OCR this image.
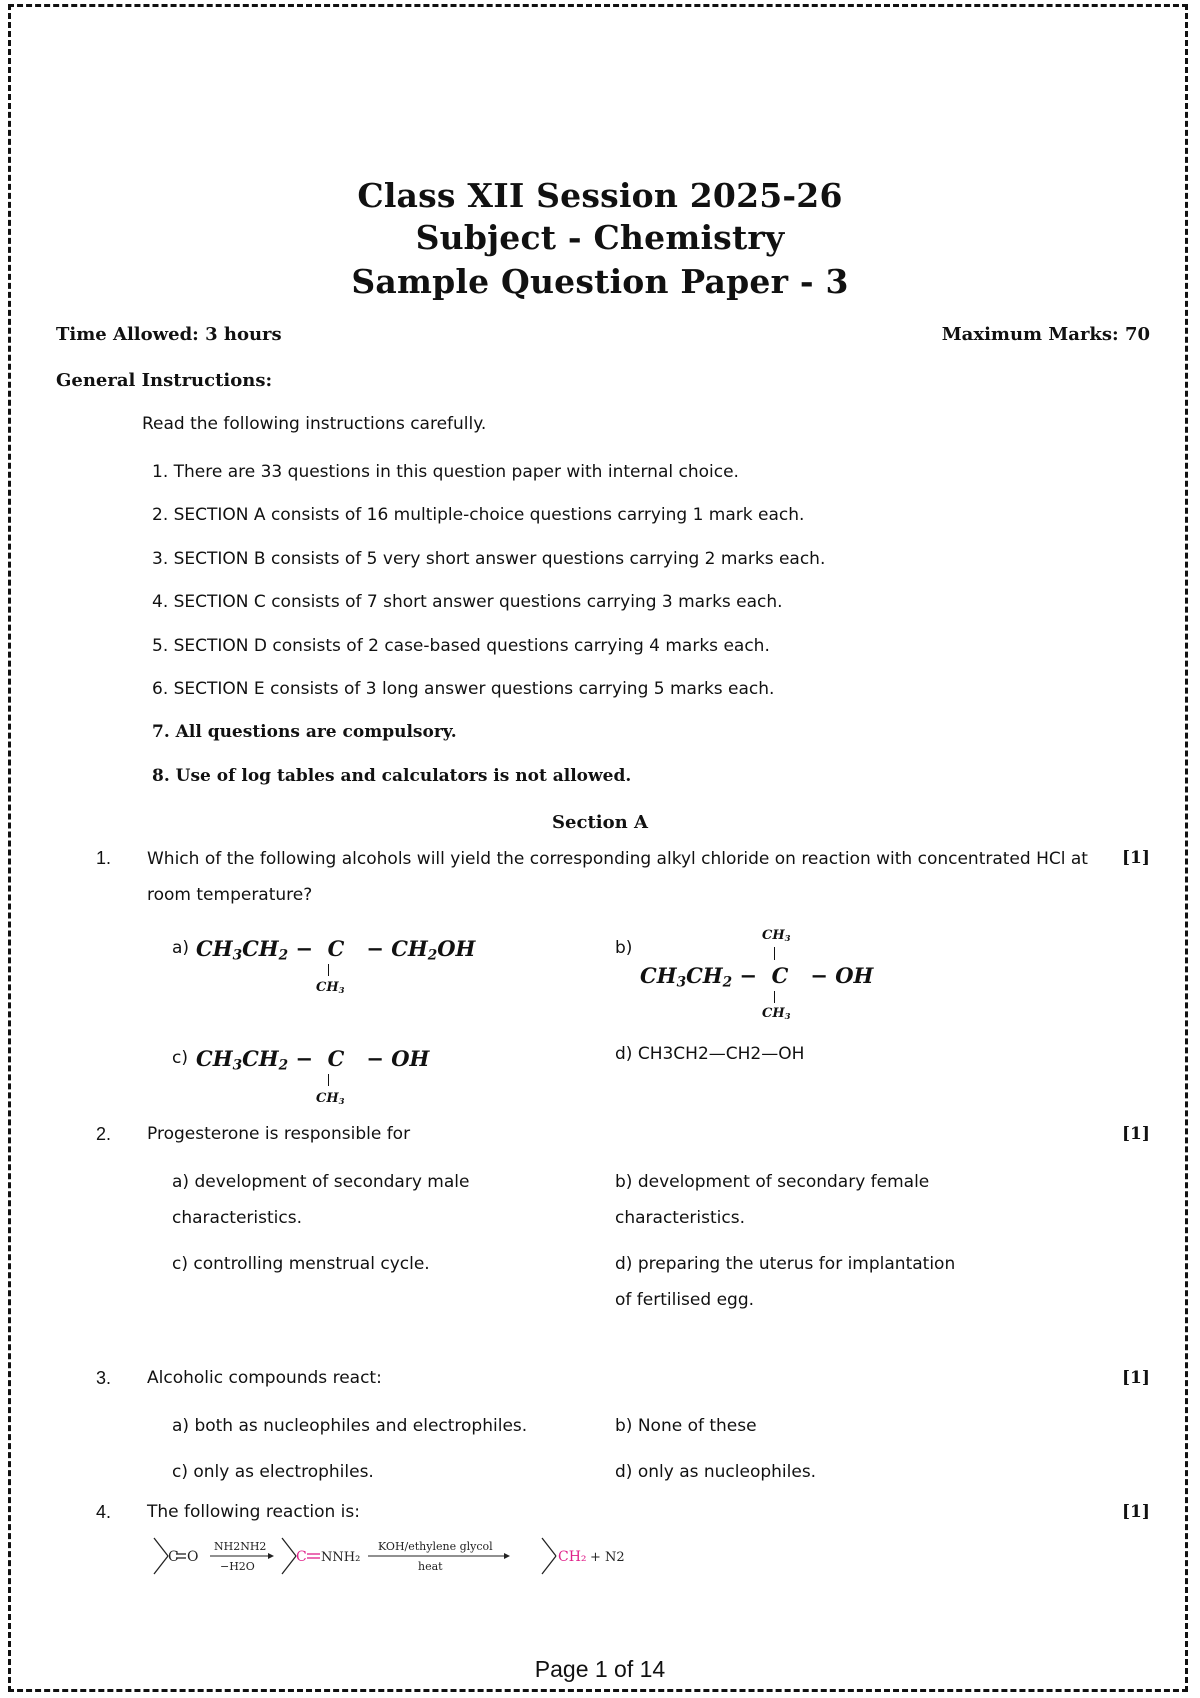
Class XII Session 2025-26
Subject - Chemistry
Sample Question Paper - 3
Time Allowed: 3 hours	Maximum Marks: 70
General Instructions:
Read the following instructions carefully.
1. There are 33 questions in this question paper with internal choice.
2. SECTION A consists of 16 multiple-choice questions carrying 1 mark each.
3. SECTION B consists of 5 very short answer questions carrying 2 marks each.
4. SECTION C consists of 7 short answer questions carrying 3 marks each.
5. SECTION D consists of 2 case-based questions carrying 4 marks each.
6. SECTION E consists of 3 long answer questions carrying 5 marks each.
7. All questions are compulsory.
8. Use of log tables and calculators is not allowed.
Section A
1. Which of the following alcohols will yield the corresponding alkyl chloride on reaction with concentrated HCl at room temperature?
[1]
a) $CH_3CH_2 - C - CH_2OH$
$CH_3$
b)
$CH_3$
$CH_3CH_2 - C$   − OH
$CH_3$
c) $CH_3CH_2 - C$   − OH
$CH_3$
d) CH3CH2—CH2—OH
2. Progesterone is responsible for	[1]
a) development of secondary male characteristics.
b) development of secondary female characteristics.
c) controlling menstrual cycle.	d) preparing the uterus for implantation of fertilised egg.
3. Alcoholic compounds react:	[1]
a) both as nucleophiles and electrophiles.	b) None of these
c) only as electrophiles.	d) only as nucleophiles.
4. The following reaction is:	[1]
C O
NH2NH2
−H2O
C NNH₂
KOH/ethylene glycol
heat
CH₂ + N2
Page 1 of 14
